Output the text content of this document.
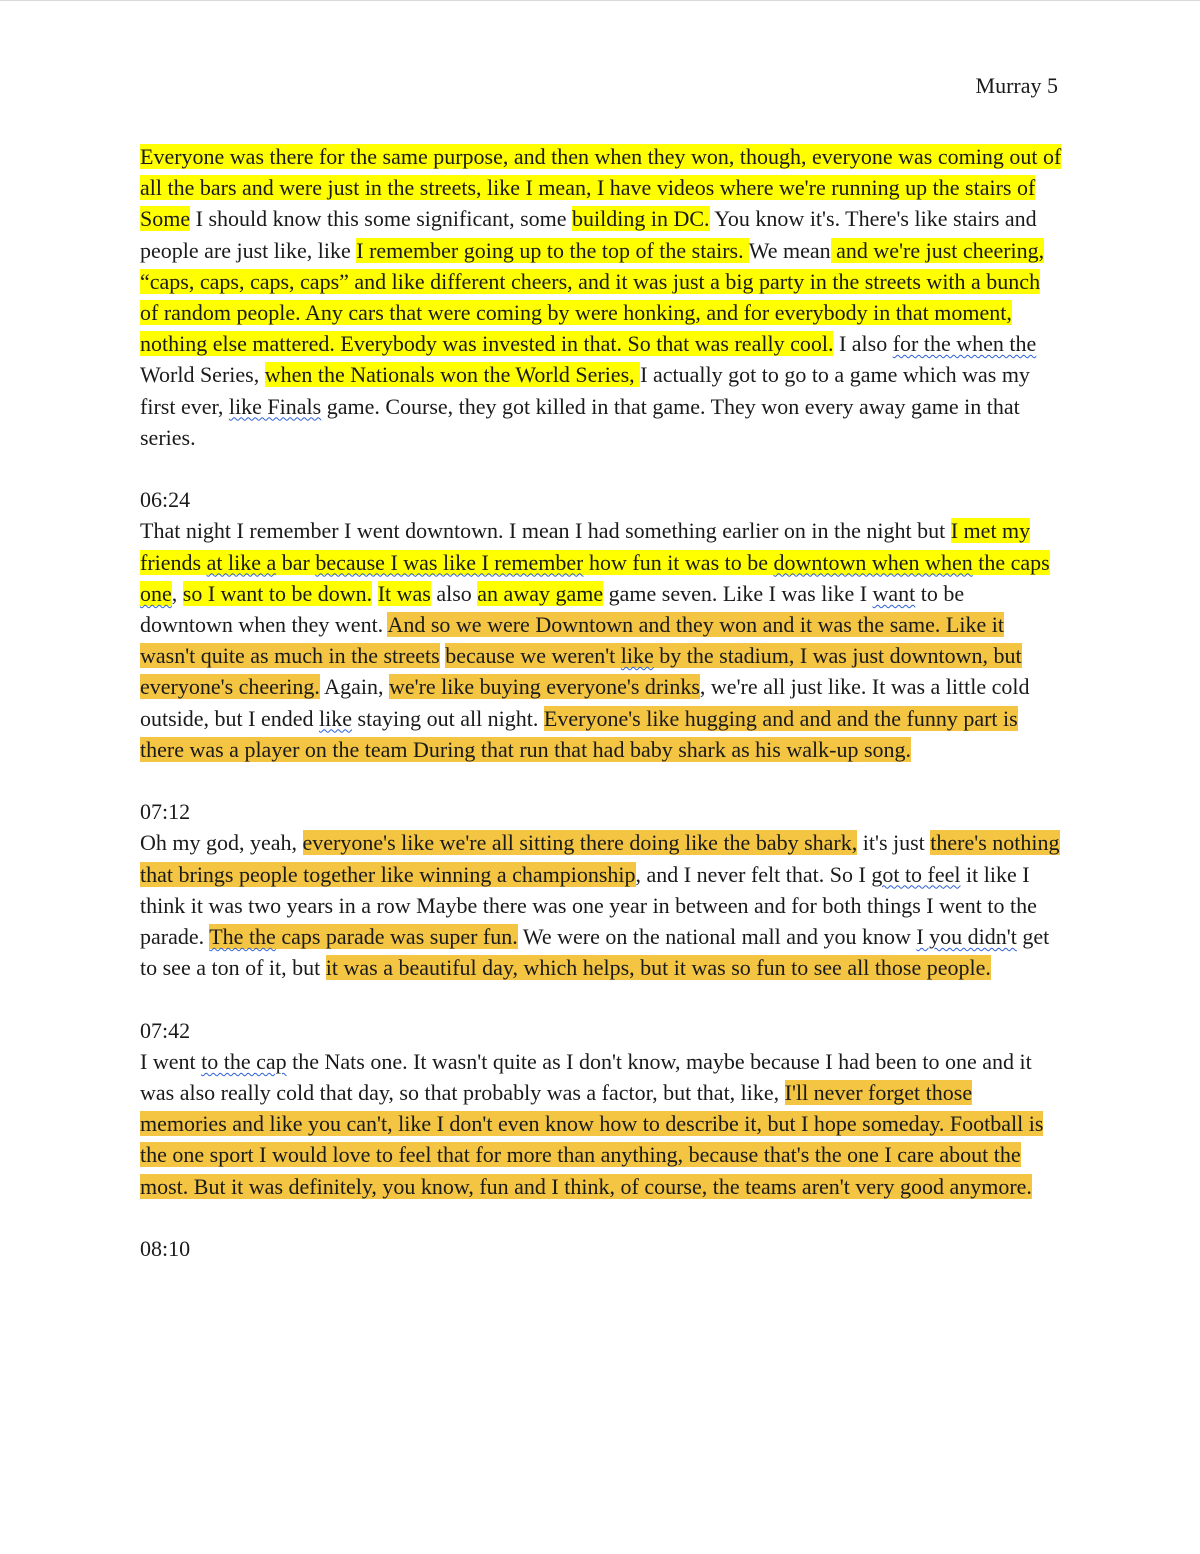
Murray 5

Everyone was there for the same purpose, and then when they won, though, everyone was coming out of all the bars and were just in the streets, like I mean, I have videos where we're running up the stairs of Some I should know this some significant, some building in DC. You know it's. There's like stairs and people are just like, like I remember going up to the top of the stairs. We mean and we're just cheering, “caps, caps, caps, caps” and like different cheers, and it was just a big party in the streets with a bunch of random people. Any cars that were coming by were honking, and for everybody in that moment, nothing else mattered. Everybody was invested in that. So that was really cool. I also for the when the World Series, when the Nationals won the World Series, I actually got to go to a game which was my first ever, like Finals game. Course, they got killed in that game. They won every away game in that series.

06:24

That night I remember I went downtown. I mean I had something earlier on in the night but I met my friends at like a bar because I was like I remember how fun it was to be downtown when when the caps one, so I want to be down. It was also an away game game seven. Like I was like I want to be downtown when they went. And so we were Downtown and they won and it was the same. Like it wasn't quite as much in the streets because we weren't like by the stadium, I was just downtown, but everyone's cheering. Again, we're like buying everyone's drinks, we're all just like. It was a little cold outside, but I ended like staying out all night. Everyone's like hugging and and and the funny part is there was a player on the team During that run that had baby shark as his walk-up song.

07:12

Oh my god, yeah, everyone's like we're all sitting there doing like the baby shark, it's just there's nothing that brings people together like winning a championship, and I never felt that. So I got to feel it like I think it was two years in a row Maybe there was one year in between and for both things I went to the parade. The the caps parade was super fun. We were on the national mall and you know I you didn't get to see a ton of it, but it was a beautiful day, which helps, but it was so fun to see all those people.

07:42

I went to the cap the Nats one. It wasn't quite as I don't know, maybe because I had been to one and it was also really cold that day, so that probably was a factor, but that, like, I'll never forget those memories and like you can't, like I don't even know how to describe it, but I hope someday. Football is the one sport I would love to feel that for more than anything, because that's the one I care about the most. But it was definitely, you know, fun and I think, of course, the teams aren't very good anymore.

08:10
